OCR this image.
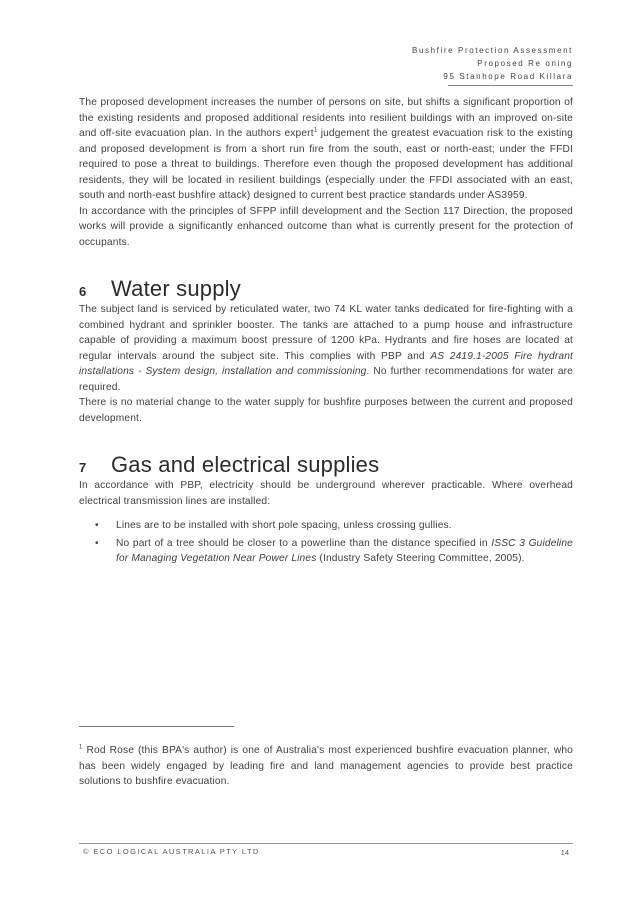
Bushfire Protection Assessment
Proposed Re oning
95 Stanhope Road Killara

The proposed development increases the number of persons on site, but shifts a significant proportion of the existing residents and proposed additional residents into resilient buildings with an improved on-site and off-site evacuation plan. In the authors expert$^1$ judgement the greatest evacuation risk to the existing and proposed development is from a short run fire from the south, east or north-east; under the FFDI required to pose a threat to buildings. Therefore even though the proposed development has additional residents, they will be located in resilient buildings (especially under the FFDI associated with an east, south and north-east bushfire attack) designed to current best practice standards under AS3959.

In accordance with the principles of SFPP infill development and the Section 117 Direction, the proposed works will provide a significantly enhanced outcome than what is currently present for the protection of occupants.

6	Water supply

The subject land is serviced by reticulated water, two 74 KL water tanks dedicated for fire-fighting with a combined hydrant and sprinkler booster. The tanks are attached to a pump house and infrastructure capable of providing a maximum boost pressure of 1200 kPa. Hydrants and fire hoses are located at regular intervals around the subject site. This complies with PBP and AS 2419.1-2005 Fire hydrant installations - System design, installation and commissioning. No further recommendations for water are required.

There is no material change to the water supply for bushfire purposes between the current and proposed development.

7	Gas and electrical supplies

In accordance with PBP, electricity should be underground wherever practicable. Where overhead electrical transmission lines are installed:

• Lines are to be installed with short pole spacing, unless crossing gullies.
• No part of a tree should be closer to a powerline than the distance specified in ISSC 3 Guideline for Managing Vegetation Near Power Lines (Industry Safety Steering Committee, 2005).

$^1$ Rod Rose (this BPA's author) is one of Australia's most experienced bushfire evacuation planner, who has been widely engaged by leading fire and land management agencies to provide best practice solutions to bushfire evacuation.

© ECO LOGICAL AUSTRALIA PTY LTD	14
